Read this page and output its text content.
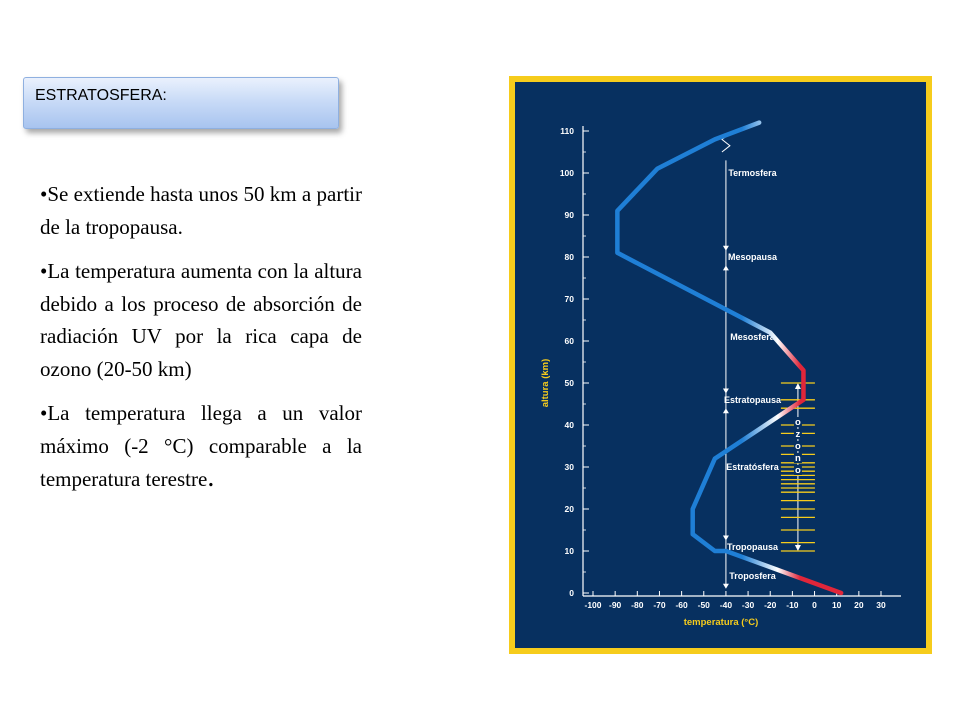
ESTRATOSFERA:

•Se extiende hasta unos 50 km a partir de la tropopausa.

•La temperatura aumenta con la altura debido a los proceso de absorción de radiación UV por la rica capa de ozono (20-50 km)

•La temperatura llega a un valor máximo (-2 °C) comparable a la temperatura terestre.

0
10
20
30
40
50
60
70
80
90
100
110
-100 -90 -80 -70 -60 -50 -40 -30 -20 -10 0 10 20 30
temperatura (°C)
altura (km)
Termosfera
Mesopausa
Mesosfera
Estratopausa
Estratósfera
Tropopausa
Troposfera
o
z
o
n
o
